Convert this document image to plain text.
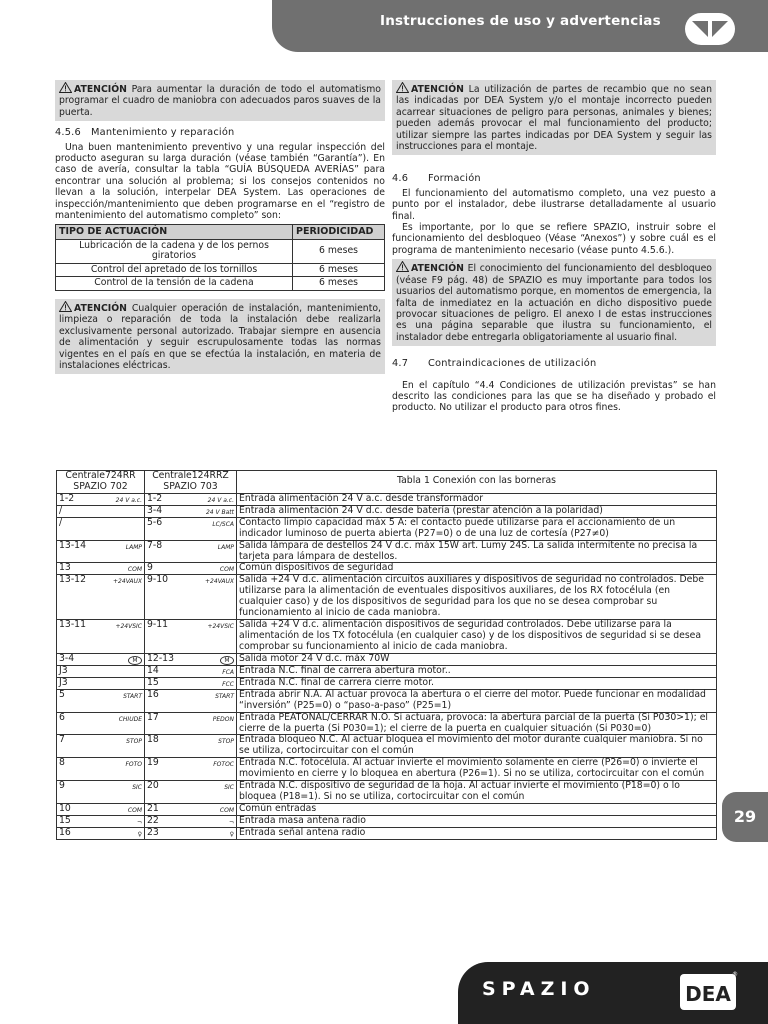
Instrucciones de uso y advertencias
ATENCIÓN Para aumentar la duración de todo el automatismo programar el cuadro de maniobra con adecuados paros suaves de la puerta.
4.5.6 Mantenimiento y reparación
Una buen mantenimiento preventivo y una regular inspección del producto aseguran su larga duración (véase también “Garantía”). En caso de avería, consultar la tabla “GUÍA BÚSQUEDA AVERÍAS” para encontrar una solución al problema; si los consejos contenidos no llevan a la solución, interpelar DEA System. Las operaciones de inspección/mantenimiento que deben programarse en el “registro de mantenimiento del automatismo completo” son:
TIPO DE ACTUACIÓN	PERIODICIDAD
Lubricación de la cadena y de los pernos giratorios	6 meses
Control del apretado de los tornillos	6 meses
Control de la tensión de la cadena	6 meses
ATENCIÓN Cualquier operación de instalación, mantenimiento, limpieza o reparación de toda la instalación debe realizarla exclusivamente personal autorizado. Trabajar siempre en ausencia de alimentación y seguir escrupulosamente todas las normas vigentes en el país en que se efectúa la instalación, en materia de instalaciones eléctricas.
ATENCIÓN La utilización de partes de recambio que no sean las indicadas por DEA System y/o el montaje incorrecto pueden acarrear situaciones de peligro para personas, animales y bienes; pueden además provocar el mal funcionamiento del producto; utilizar siempre las partes indicadas por DEA System y seguir las instrucciones para el montaje.
4.6 Formación
El funcionamiento del automatismo completo, una vez puesto a punto por el instalador, debe ilustrarse detalladamente al usuario final.
Es importante, por lo que se refiere SPAZIO, instruir sobre el funcionamiento del desbloqueo (Véase “Anexos”) y sobre cuál es el programa de mantenimiento necesario (véase punto 4.5.6.).
ATENCIÓN El conocimiento del funcionamiento del desbloqueo (véase F9 pág. 48) de SPAZIO es muy importante para todos los usuarios del automatismo porque, en momentos de emergencia, la falta de inmediatez en la actuación en dicho dispositivo puede provocar situaciones de peligro. El anexo I de estas instrucciones es una página separable que ilustra su funcionamiento, el instalador debe entregarla obligatoriamente al usuario final.
4.7 Contraindicaciones de utilización
En el capítulo “4.4 Condiciones de utilización previstas” se han descrito las condiciones para las que se ha diseñado y probado el producto. No utilizar el producto para otros fines.
Centrale724RR SPAZIO 702	Centrale124RRZ SPAZIO 703	Tabla 1 Conexión con las borneras

1-2 24 V a.c.	1-2 24 V a.c.	Entrada alimentación 24 V a.c. desde transformador

/	3-4 24 V Batt	Entrada alimentación 24 V d.c. desde batería (prestar atención a la polaridad)

/	5-6 LC/SCA	Contacto limpio capacidad máx 5 A: el contacto puede utilizarse para el accionamiento de un indicador luminoso de puerta abierta (P27=0) o de una luz de cortesía (P27≠0)

13-14 LAMP	7-8 LAMP	Salida lámpara de destellos 24 V d.c. máx 15W art. Lumy 24S. La salida intermitente no precisa la tarjeta para lámpara de destellos.

13 COM	9 COM	Común dispositivos de seguridad

13-12 +24VAUX	9-10 +24VAUX	Salida +24 V d.c. alimentación circuitos auxiliares y dispositivos de seguridad no controlados. Debe utilizarse para la alimentación de eventuales dispositivos auxiliares, de los RX fotocélula (en cualquier caso) y de los dispositivos de seguridad para los que no se desea comprobar su funcionamiento al inicio de cada maniobra.

13-11 +24VSIC	9-11 +24VSIC	Salida +24 V d.c. alimentación dispositivos de seguridad controlados. Debe utilizarse para la alimentación de los TX fotocélula (en cualquier caso) y de los dispositivos de seguridad si se desea comprobar su funcionamiento al inicio de cada maniobra.

3-4 M	12-13 M	Salida motor 24 V d.c. máx 70W

J3	14 FCA	Entrada N.C. final de carrera abertura motor..

J3	15 FCC	Entrada N.C. final de carrera cierre motor.

5 START	16 START	Entrada abrir N.A. Al actuar provoca la abertura o el cierre del motor. Puede funcionar en modalidad “inversión” (P25=0) o “paso-a-paso” (P25=1)

6 CHIUDE	17 PEDON	Entrada PEATONAL/CERRAR N.O. Si actuara, provoca: la abertura parcial de la puerta (Si P030>1); el cierre de la puerta (Si P030=1); el cierre de la puerta en cualquier situación (Si P030=0)

7 STOP	18 STOP	Entrada bloqueo N.C. Al actuar bloquea el movimiento del motor durante cualquier maniobra. Si no se utiliza, cortocircuitar con el común

8 FOTO	19 FOTOC	Entrada N.C. fotocélula. Al actuar invierte el movimiento solamente en cierre (P26=0) o invierte el movimiento en cierre y lo bloquea en abertura (P26=1). Si no se utiliza, cortocircuitar con el común

9 SIC	20 SIC	Entrada N.C. dispositivo de seguridad de la hoja. Al actuar invierte el movimiento (P18=0) o lo bloquea (P18=1). Si no se utiliza, cortocircuitar con el común

10 COM	21 COM	Común entradas

15 ¬	22 ¬	Entrada masa antena radio

16 ♀	23 ♀	Entrada señal antena radio
29
SPAZIO	DEA
®
